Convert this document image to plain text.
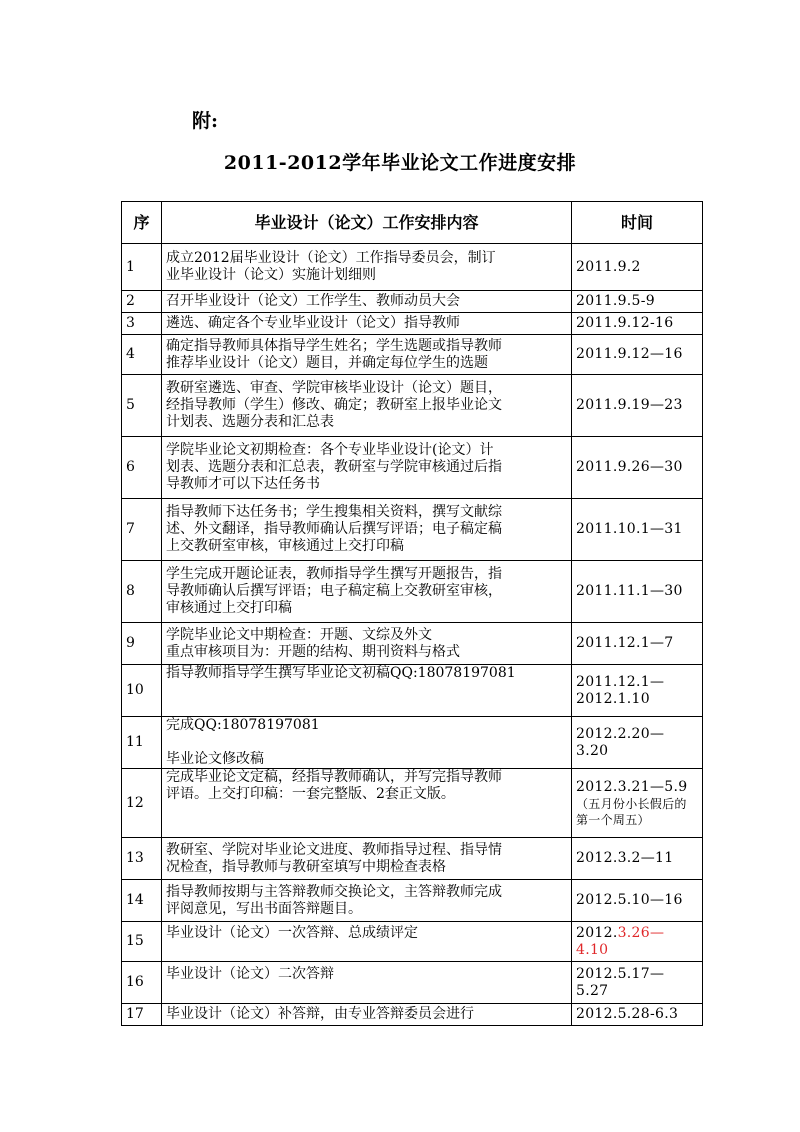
附:
2011-2012学年毕业论文工作进度安排
序	毕业设计（论文）工作安排内容	时间
1	成立2012届毕业设计（论文）工作指导委员会，制订
业毕业设计（论文）实施计划细则	2011.9.2
2	召开毕业设计（论文）工作学生、教师动员大会	2011.9.5-9
3	遴选、确定各个专业毕业设计（论文）指导教师	2011.9.12-16
4	确定指导教师具体指导学生姓名；学生选题或指导教师
推荐毕业设计（论文）题目，并确定每位学生的选题	2011.9.12—16
5	教研室遴选、审查、学院审核毕业设计（论文）题目，
经指导教师（学生）修改、确定；教研室上报毕业论文
计划表、选题分表和汇总表	2011.9.19—23
6	学院毕业论文初期检查：各个专业毕业设计(论文）计
划表、选题分表和汇总表，教研室与学院审核通过后指
导教师才可以下达任务书	2011.9.26—30
7	指导教师下达任务书；学生搜集相关资料，撰写文献综
述、外文翻译，指导教师确认后撰写评语；电子稿定稿
上交教研室审核，审核通过上交打印稿	2011.10.1—31
8	学生完成开题论证表，教师指导学生撰写开题报告，指
导教师确认后撰写评语；电子稿定稿上交教研室审核，
审核通过上交打印稿	2011.11.1—30
9	学院毕业论文中期检查：开题、文综及外文
重点审核项目为：开题的结构、期刊资料与格式	2011.12.1—7
10	指导教师指导学生撰写毕业论文初稿QQ:18078197081	2011.12.1—
2012.1.10
11	完成QQ:18078197081

毕业论文修改稿	2012.2.20—
3.20
12	完成毕业论文定稿，经指导教师确认，并写完指导教师
评语。上交打印稿：一套完整版、2套正文版。	2012.3.21—5.9
（五月份小长假后的第一个周五）

13	教研室、学院对毕业论文进度、教师指导过程、指导情
况检查，指导教师与教研室填写中期检查表格	2012.3.2—11
14	指导教师按期与主答辩教师交换论文，主答辩教师完成
评阅意见，写出书面答辩题目。	2012.5.10—16
15	毕业设计（论文）一次答辩、总成绩评定	2012.3.26—
4.10
16	毕业设计（论文）二次答辩	2012.5.17—
5.27
17	毕业设计（论文）补答辩，由专业答辩委员会进行	2012.5.28-6.3
